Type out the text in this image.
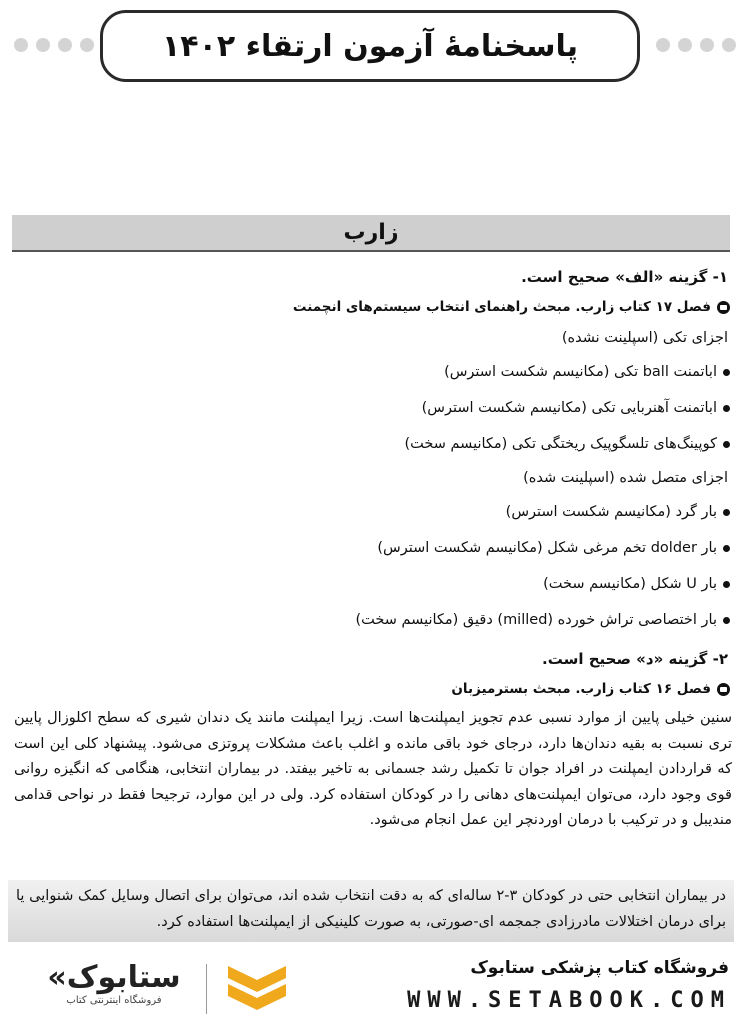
پاسخنامهٔ آزمون ارتقاء ۱۴۰۲
زارب
۱- گزینه «الف» صحیح است.
فصل ۱۷ کتاب زارب. مبحث راهنمای انتخاب سیستم‌های انچمنت
اجزای تکی (اسپلینت نشده)
اباتمنت ball تکی (مکانیسم شکست استرس)
اباتمنت آهنربایی تکی (مکانیسم شکست استرس)
کوپینگ‌های تلسگوپیک ریختگی تکی (مکانیسم سخت)
اجزای متصل شده (اسپلینت شده)
بار گرد (مکانیسم شکست استرس)
بار dolder تخم مرغی شکل (مکانیسم شکست استرس)
بار U شکل (مکانیسم سخت)
بار اختصاصی تراش خورده (milled) دقیق (مکانیسم سخت)
۲- گزینه «د» صحیح است.
فصل ۱۶ کتاب زارب. مبحث بسترمیزبان
سنین خیلی پایین از موارد نسبی عدم تجویز ایمپلنت‌ها است. زیرا ایمپلنت مانند یک دندان شیری که سطح اکلوزال پایین تری نسبت به بقیه دندان‌ها دارد، درجای خود باقی مانده و اغلب باعث مشکلات پروتزی می‌شود. پیشنهاد کلی این است که قراردادن ایمپلنت در افراد جوان تا تکمیل رشد جسمانی به تاخیر بیفتد. در بیماران انتخابی، هنگامی که انگیزه روانی قوی وجود دارد، می‌توان ایمپلنت‌های دهانی را در کودکان استفاده کرد. ولی در این موارد، ترجیحا فقط در نواحی قدامی مندیبل و در ترکیب با درمان اوردنچر این عمل انجام می‌شود.
در بیماران انتخابی حتی در کودکان ۳-۲ ساله‌ای که به دقت انتخاب شده اند، می‌توان برای اتصال وسایل کمک شنوایی یا برای درمان اختلالات مادرزادی جمجمه ای-صورتی، به صورت کلینیکی از ایمپلنت‌ها استفاده کرد.
ستابوک»
فروشگاه اینترنتی کتاب
فروشگاه کتاب پزشکی ستابوک
WWW.SETABOOK.COM
